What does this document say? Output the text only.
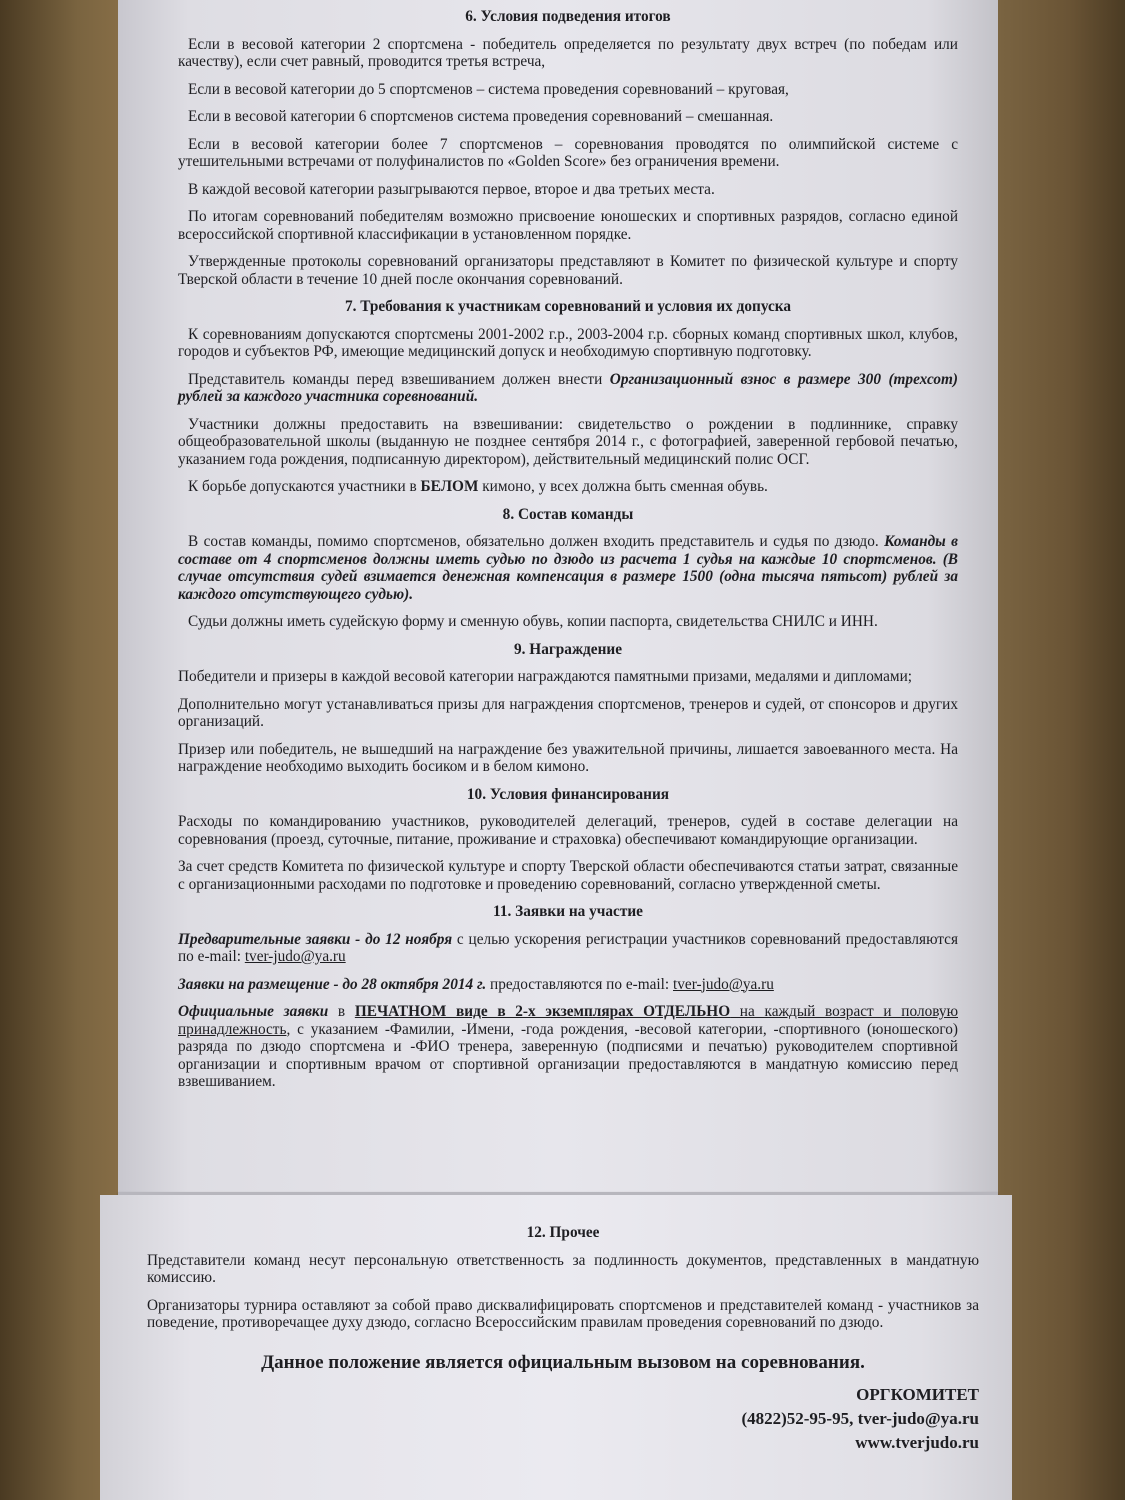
6. Условия подведения итогов
Если в весовой категории 2 спортсмена - победитель определяется по результату двух встреч (по победам или качеству), если счет равный, проводится третья встреча,
Если в весовой категории до 5 спортсменов – система проведения соревнований – круговая,
Если в весовой категории 6 спортсменов система проведения соревнований – смешанная.
Если в весовой категории более 7 спортсменов – соревнования проводятся по олимпийской системе с утешительными встречами от полуфиналистов по «Golden Score» без ограничения времени.
В каждой весовой категории разыгрываются первое, второе и два третьих места.
По итогам соревнований победителям возможно присвоение юношеских и спортивных разрядов, согласно единой всероссийской спортивной классификации в установленном порядке.
Утвержденные протоколы соревнований организаторы представляют в Комитет по физической культуре и спорту Тверской области в течение 10 дней после окончания соревнований.
7. Требования к участникам соревнований и условия их допуска
К соревнованиям допускаются спортсмены 2001-2002 г.р., 2003-2004 г.р. сборных команд спортивных школ, клубов, городов и субъектов РФ, имеющие медицинский допуск и необходимую спортивную подготовку.
Представитель команды перед взвешиванием должен внести Организационный взнос в размере 300 (трехсот) рублей за каждого участника соревнований.
Участники должны предоставить на взвешивании: свидетельство о рождении в подлиннике, справку общеобразовательной школы (выданную не позднее сентября 2014 г., с фотографией, заверенной гербовой печатью, указанием года рождения, подписанную директором), действительный медицинский полис ОСГ.
К борьбе допускаются участники в БЕЛОМ кимоно, у всех должна быть сменная обувь.
8. Состав команды
В состав команды, помимо спортсменов, обязательно должен входить представитель и судья по дзюдо. Команды в составе от 4 спортсменов должны иметь судью по дзюдо из расчета 1 судья на каждые 10 спортсменов. (В случае отсутствия судей взимается денежная компенсация в размере 1500 (одна тысяча пятьсот) рублей за каждого отсутствующего судью).
Судьи должны иметь судейскую форму и сменную обувь, копии паспорта, свидетельства СНИЛС и ИНН.
9. Награждение
Победители и призеры в каждой весовой категории награждаются памятными призами, медалями и дипломами;
Дополнительно могут устанавливаться призы для награждения спортсменов, тренеров и судей, от спонсоров и других организаций.
Призер или победитель, не вышедший на награждение без уважительной причины, лишается завоеванного места. На награждение необходимо выходить босиком и в белом кимоно.
10. Условия финансирования
Расходы по командированию участников, руководителей делегаций, тренеров, судей в составе делегации на соревнования (проезд, суточные, питание, проживание и страховка) обеспечивают командирующие организации.
За счет средств Комитета по физической культуре и спорту Тверской области обеспечиваются статьи затрат, связанные с организационными расходами по подготовке и проведению соревнований, согласно утвержденной сметы.
11. Заявки на участие
Предварительные заявки - до 12 ноября с целью ускорения регистрации участников соревнований предоставляются по e-mail: tver-judo@ya.ru
Заявки на размещение - до 28 октября 2014 г. предоставляются по e-mail: tver-judo@ya.ru
Официальные заявки в ПЕЧАТНОМ виде в 2-х экземплярах ОТДЕЛЬНО на каждый возраст и половую принадлежность, с указанием -Фамилии, -Имени, -года рождения, -весовой категории, -спортивного (юношеского) разряда по дзюдо спортсмена и -ФИО тренера, заверенную (подписями и печатью) руководителем спортивной организации и спортивным врачом от спортивной организации предоставляются в мандатную комиссию перед взвешиванием.
12. Прочее
Представители команд несут персональную ответственность за подлинность документов, представленных в мандатную комиссию.
Организаторы турнира оставляют за собой право дисквалифицировать спортсменов и представителей команд - участников за поведение, противоречащее духу дзюдо, согласно Всероссийским правилам проведения соревнований по дзюдо.
Данное положение является официальным вызовом на соревнования.
ОРГКОМИТЕТ
(4822)52-95-95, tver-judo@ya.ru
www.tverjudo.ru
